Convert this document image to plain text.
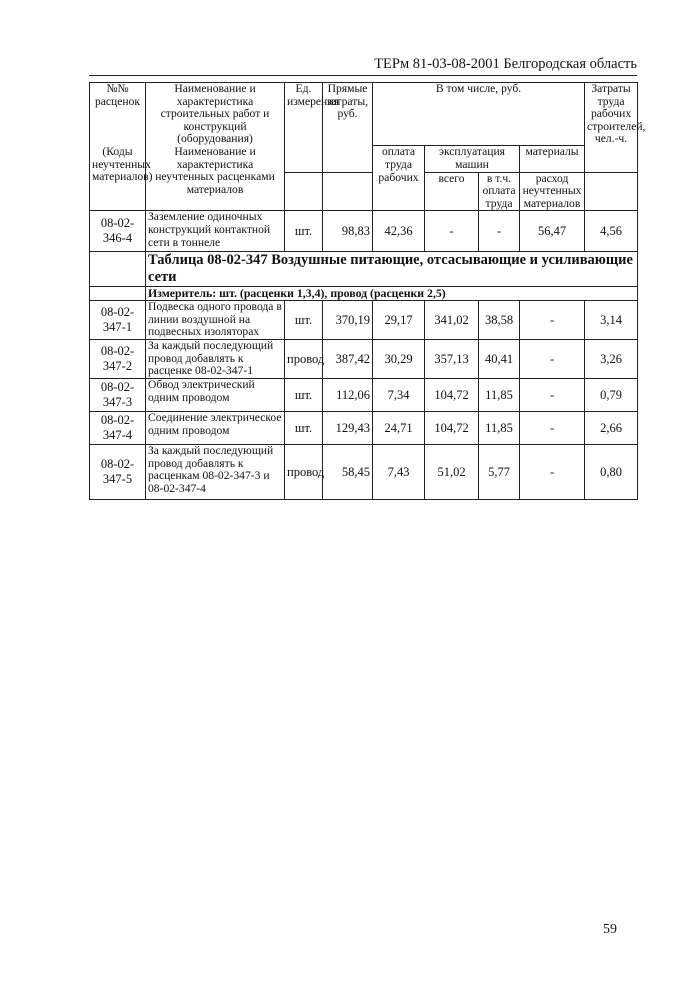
ТЕРм 81-03-08-2001 Белгородская область
№№
расценок	Наименование и характеристика строительных работ и конструкций (оборудования)	Ед. измерения	Прямые затраты, руб.	В том числе, руб.				Затраты труда рабочих строителей, чел.-ч.
(Коды неучтенных материалов)	Наименование и характеристика неучтенных расценками материалов			оплата труда рабочих	эксплуатация машин		материалы	
					всего	в т.ч. оплата труда	расход неучтенных материалов	
08-02-346-4	Заземление одиночных конструкций контактной сети в тоннеле	шт.	98,83	42,36	-	-	56,47	4,56
	Таблица 08-02-347 Воздушные питающие, отсасывающие и усиливающие сети							
	Измеритель: шт. (расценки 1,3,4), провод (расценки 2,5)							
08-02-347-1	Подвеска одного провода в линии воздушной на подвесных изоляторах	шт.	370,19	29,17	341,02	38,58	-	3,14
08-02-347-2	За каждый последующий провод добавлять к расценке 08-02-347-1	провод	387,42	30,29	357,13	40,41	-	3,26
08-02-347-3	Обвод электрический одним проводом	шт.	112,06	7,34	104,72	11,85	-	0,79
08-02-347-4	Соединение электрическое одним проводом	шт.	129,43	24,71	104,72	11,85	-	2,66
08-02-347-5	За каждый последующий провод добавлять к расценкам 08-02-347-3 и 08-02-347-4	провод	58,45	7,43	51,02	5,77	-	0,80
59
